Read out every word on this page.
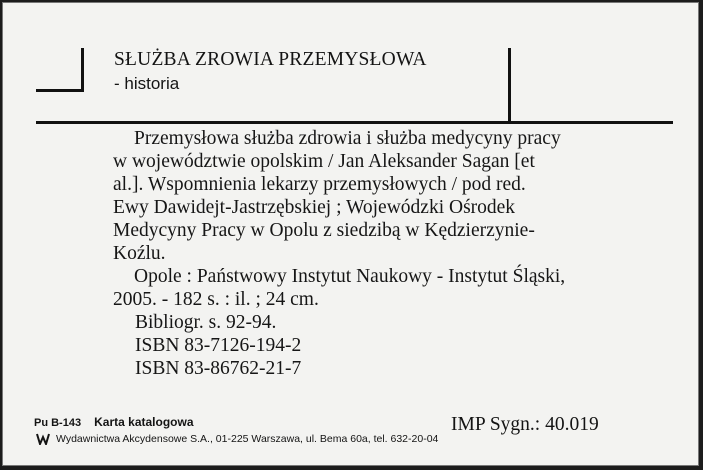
SŁUŻBA ZROWIA PRZEMYSŁOWA
- historia
Przemysłowa służba zdrowia i służba medycyny pracy
w województwie opolskim / Jan Aleksander Sagan [et
al.]. Wspomnienia lekarzy przemysłowych / pod red.
Ewy Dawidejt-Jastrzębskiej ; Wojewódzki Ośrodek
Medycyny Pracy w Opolu z siedzibą w Kędzierzynie-
Koźlu.
Opole : Państwowy Instytut Naukowy - Instytut Śląski,
2005. - 182 s. : il. ; 24 cm.
Bibliogr. s. 92-94.
ISBN 83-7126-194-2
ISBN 83-86762-21-7
Pu B-143 Karta katalogowa
Wydawnictwa Akcydensowe S.A., 01-225 Warszawa, ul. Bema 60a, tel. 632-20-04
IMP Sygn.: 40.019
